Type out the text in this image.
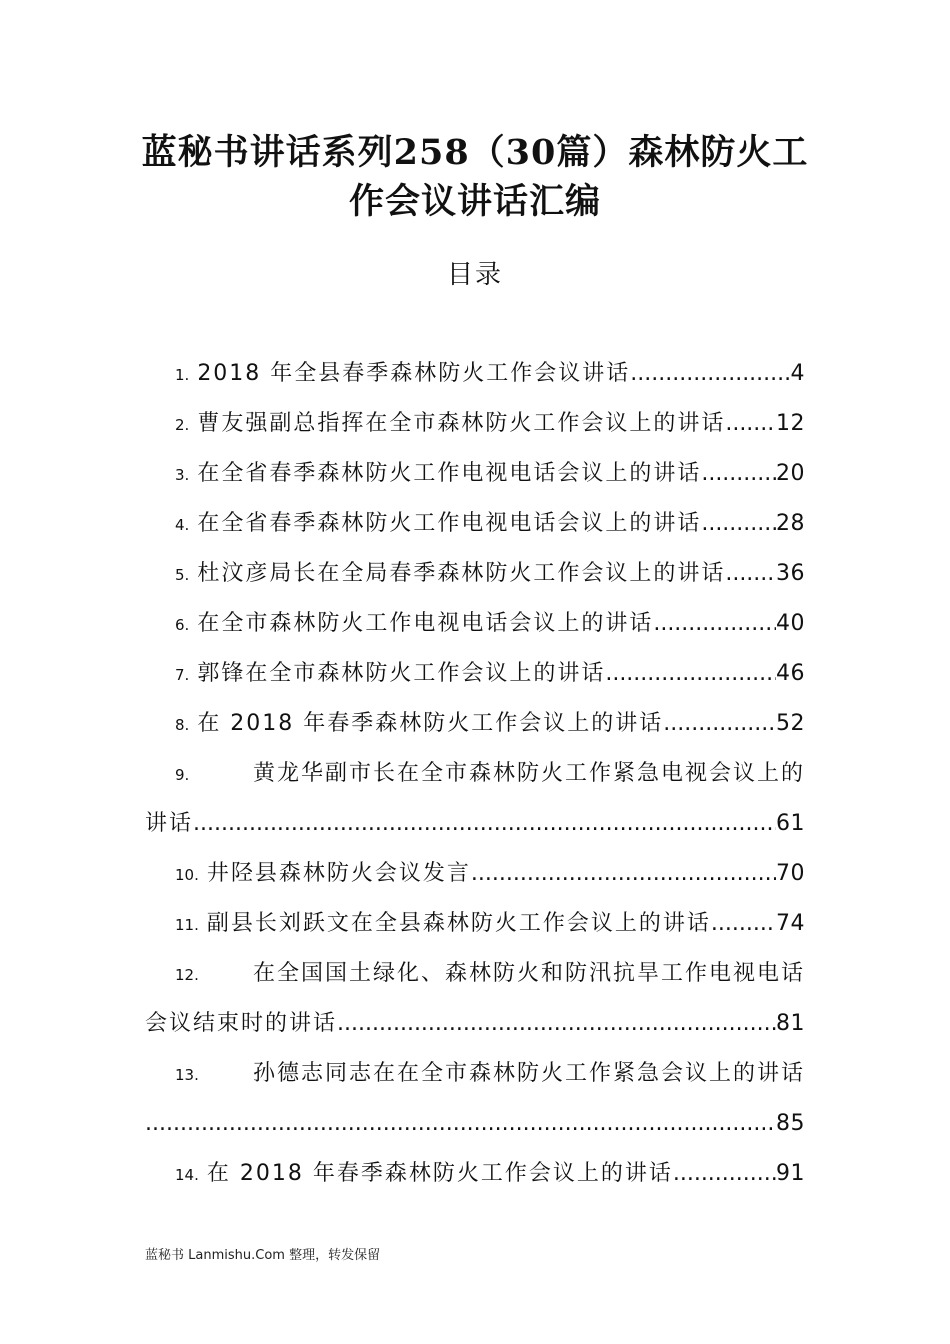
蓝秘书讲话系列258（30篇）森林防火工
作会议讲话汇编
目录
1. 2018 年全县春季森林防火工作会议讲话 .....	4
2. 曹友强副总指挥在全市森林防火工作会议上的讲话 ..... 12
3. 在全省春季森林防火工作电视电话会议上的讲话 .....	20
4. 在全省春季森林防火工作电视电话会议上的讲话 .....	28
5. 杜汶彦局长在全局春季森林防火工作会议上的讲话 ..... 36
6. 在全市森林防火工作电视电话会议上的讲话 .....	40
7. 郭锋在全市森林防火工作会议上的讲话 .....	46
8. 在 2018 年春季森林防火工作会议上的讲话 .....	52
9.	黄龙华副市长在全市森林防火工作紧急电视会议上的
讲话 .....	61
10. 井陉县森林防火会议发言 .....	70
11. 副县长刘跃文在全县森林防火工作会议上的讲话 .....	74
12. 在全国国土绿化、森林防火和防汛抗旱工作电视电话
会议结束时的讲话 .....	81
13. 孙德志同志在在全市森林防火工作紧急会议上的讲话
.....
85
14. 在 2018 年春季森林防火工作会议上的讲话 .....	91
蓝秘书 Lanmishu.Com 整理，转发保留
